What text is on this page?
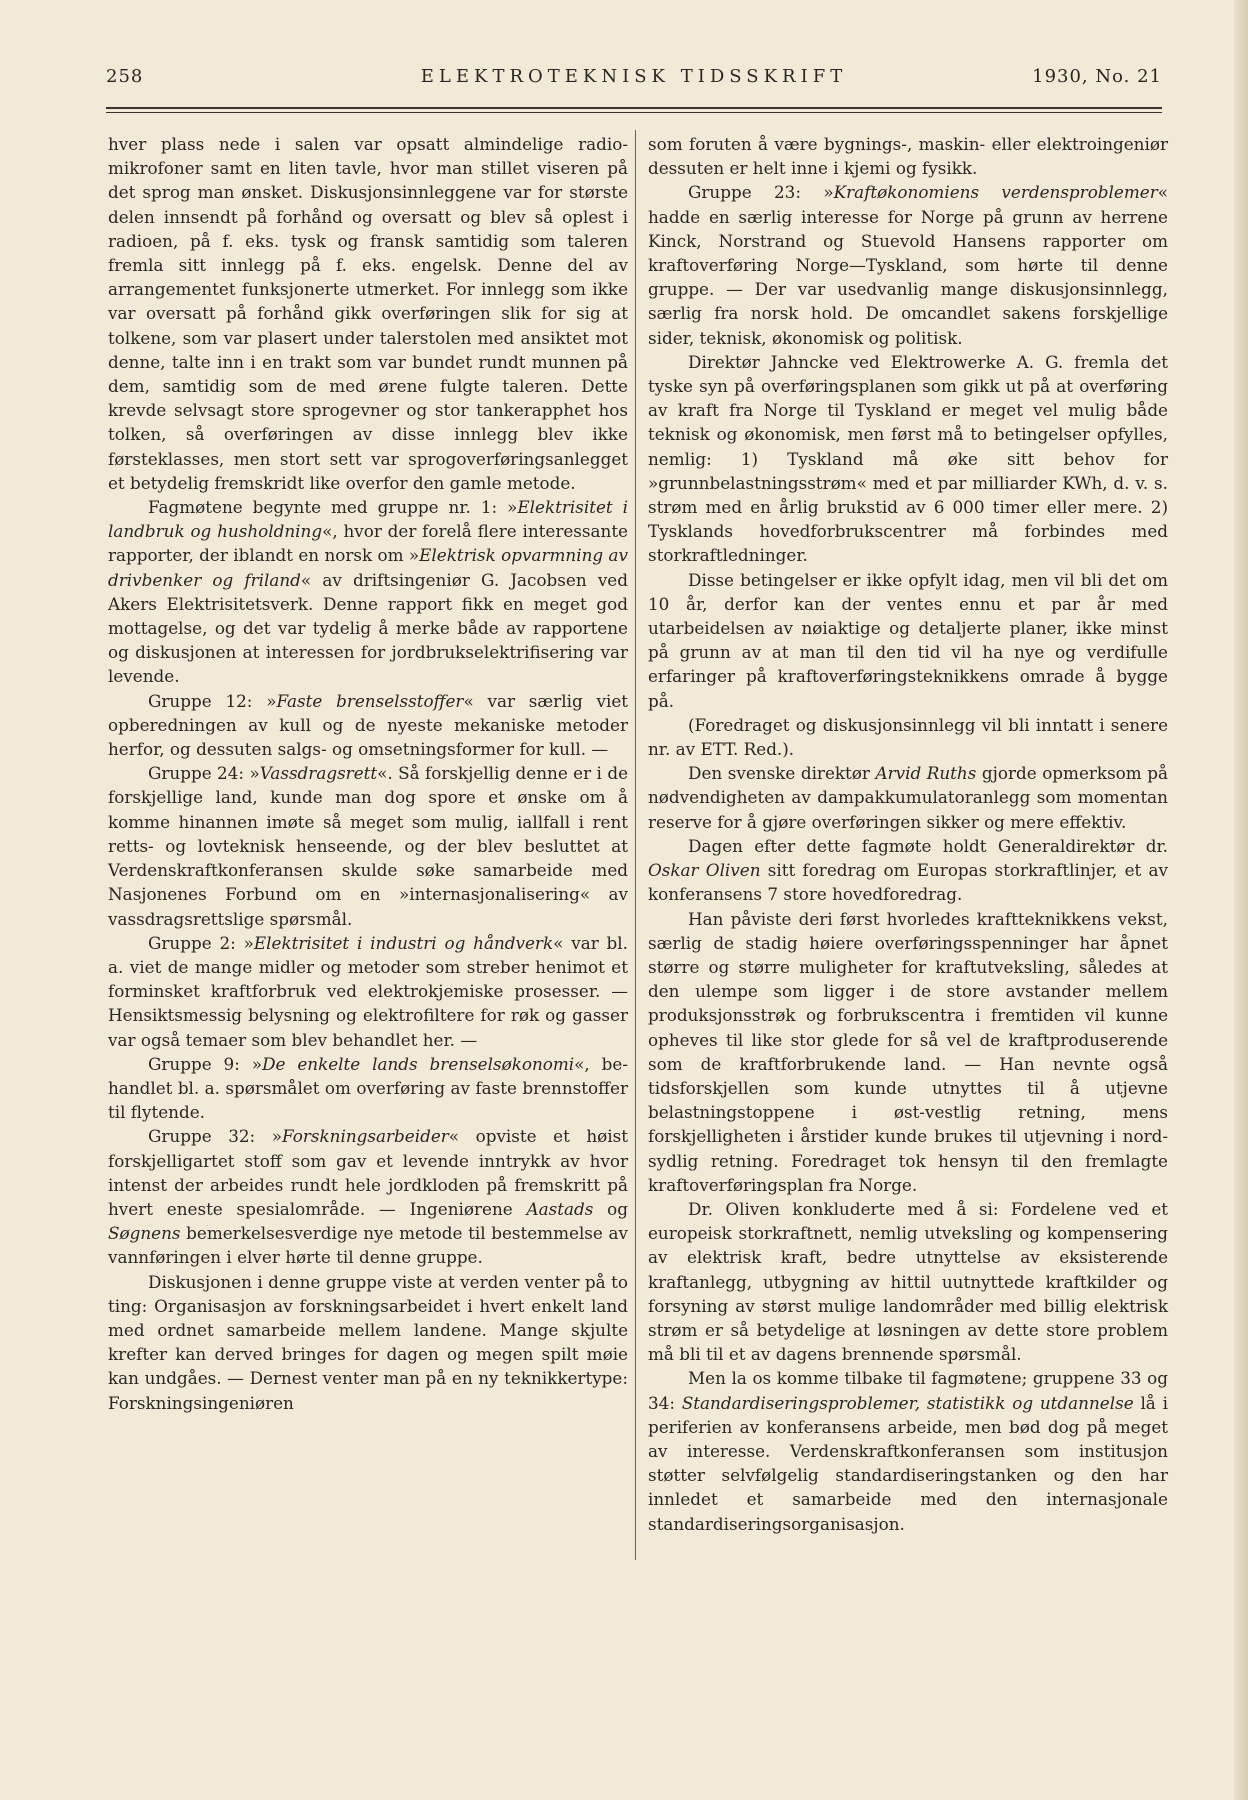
258	ELEKTROTEKNISK TIDSSKRIFT	1930, No. 21

hver plass nede i salen var opsatt almindelige radiomikrofoner samt en liten tavle, hvor man stillet viseren på det sprog man ønsket. Diskusjonsinnleggene var for største delen innsendt på forhånd og oversatt og blev så oplest i radioen, på f. eks. tysk og fransk samtidig som taleren fremla sitt innlegg på f. eks. engelsk. Denne del av arrangementet funksjonerte utmerket. For innlegg som ikke var oversatt på forhånd gikk overføringen slik for sig at tolkene, som var plasert under talerstolen med ansiktet mot denne, talte inn i en trakt som var bundet rundt munnen på dem, samtidig som de med ørene fulgte taleren. Dette krevde selvsagt store sprogevner og stor tankerapphet hos tolken, så overføringen av disse innlegg blev ikke førsteklasses, men stort sett var sprogoverføringsanlegget et betydelig fremskridt like overfor den gamle metode.

Fagmøtene begynte med gruppe nr. 1: »Elektrisitet i landbruk og husholdning«, hvor der forelå flere interessante rapporter, der iblandt en norsk om »Elektrisk opvarmning av drivbenker og friland« av driftsingeniør G. Jacobsen ved Akers Elektrisitetsverk. Denne rapport fikk en meget god mottagelse, og det var tydelig å merke både av rapportene og diskusjonen at interessen for jordbrukselektrifisering var levende.

Gruppe 12: »Faste brenselsstoffer« var særlig viet opberedningen av kull og de nyeste mekaniske metoder herfor, og dessuten salgs- og omsetningsformer for kull. —

Gruppe 24: »Vassdragsrett«. Så forskjellig denne er i de forskjellige land, kunde man dog spore et ønske om å komme hinannen imøte så meget som mulig, iallfall i rent retts- og lovteknisk henseende, og der blev besluttet at Verdenskraftkonferansen skulde søke samarbeide med Nasjonenes Forbund om en »internasjonalisering« av vassdragsrettslige spørsmål.

Gruppe 2: »Elektrisitet i industri og håndverk« var bl. a. viet de mange midler og metoder som streber henimot et forminsket kraftforbruk ved elektrokjemiske prosesser. — Hensiktsmessig belysning og elektrofiltere for røk og gasser var også temaer som blev behandlet her. —

Gruppe 9: »De enkelte lands brenselsøkonomi«, behandlet bl. a. spørsmålet om overføring av faste brennstoffer til flytende.

Gruppe 32: »Forskningsarbeider« opviste et høist forskjelligartet stoff som gav et levende inntrykk av hvor intenst der arbeides rundt hele jordkloden på fremskritt på hvert eneste spesialområde. — Ingeniørene Aastads og Søgnens bemerkelsesverdige nye metode til bestemmelse av vannføringen i elver hørte til denne gruppe.

Diskusjonen i denne gruppe viste at verden venter på to ting: Organisasjon av forskningsarbeidet i hvert enkelt land med ordnet samarbeide mellem landene. Mange skjulte krefter kan derved bringes for dagen og megen spilt møie kan undgåes. — Dernest venter man på en ny teknikkertype: Forskningsingeniøren

som foruten å være bygnings-, maskin- eller elektroingeniør dessuten er helt inne i kjemi og fysikk.

Gruppe 23: »Kraftøkonomiens verdensproblemer« hadde en særlig interesse for Norge på grunn av herrene Kinck, Norstrand og Stuevold Hansens rapporter om kraftoverføring Norge—Tyskland, som hørte til denne gruppe. — Der var usedvanlig mange diskusjonsinnlegg, særlig fra norsk hold. De omcandlet sakens forskjellige sider, teknisk, økonomisk og politisk.

Direktør Jahncke ved Elektrowerke A. G. fremla det tyske syn på overføringsplanen som gikk ut på at overføring av kraft fra Norge til Tyskland er meget vel mulig både teknisk og økonomisk, men først må to betingelser opfylles, nemlig: 1) Tyskland må øke sitt behov for »grunnbelastningsstrøm« med et par milliarder KWh, d. v. s. strøm med en årlig brukstid av 6 000 timer eller mere. 2) Tysklands hovedforbrukscentrer må forbindes med storkraftledninger.

Disse betingelser er ikke opfylt idag, men vil bli det om 10 år, derfor kan der ventes ennu et par år med utarbeidelsen av nøiaktige og detaljerte planer, ikke minst på grunn av at man til den tid vil ha nye og verdifulle erfaringer på kraftoverføringsteknikkens omrade å bygge på.

(Foredraget og diskusjonsinnlegg vil bli inntatt i senere nr. av ETT. Red.).

Den svenske direktør Arvid Ruths gjorde opmerksom på nødvendigheten av dampakkumulatoranlegg som momentan reserve for å gjøre overføringen sikker og mere effektiv.

Dagen efter dette fagmøte holdt Generaldirektør dr. Oskar Oliven sitt foredrag om Europas storkraftlinjer, et av konferansens 7 store hovedforedrag.

Han påviste deri først hvorledes kraftteknikkens vekst, særlig de stadig høiere overføringsspenninger har åpnet større og større muligheter for kraftutveksling, således at den ulempe som ligger i de store avstander mellem produksjonsstrøk og forbrukscentra i fremtiden vil kunne opheves til like stor glede for så vel de kraftproduserende som de kraftforbrukende land. — Han nevnte også tidsforskjellen som kunde utnyttes til å utjevne belastningstoppene i øst-vestlig retning, mens forskjelligheten i årstider kunde brukes til utjevning i nord-sydlig retning. Foredraget tok hensyn til den fremlagte kraftoverføringsplan fra Norge.

Dr. Oliven konkluderte med å si: Fordelene ved et europeisk storkraftnett, nemlig utveksling og kompensering av elektrisk kraft, bedre utnyttelse av eksisterende kraftanlegg, utbygning av hittil uutnyttede kraftkilder og forsyning av størst mulige landområder med billig elektrisk strøm er så betydelige at løsningen av dette store problem må bli til et av dagens brennende spørsmål.

Men la os komme tilbake til fagmøtene; gruppene 33 og 34: Standardiseringsproblemer, statistikk og utdannelse lå i periferien av konferansens arbeide, men bød dog på meget av interesse. Verdenskraftkonferansen som institusjon støtter selvfølgelig standardiseringstanken og den har innledet et samarbeide med den internasjonale standardiseringsorganisasjon.
